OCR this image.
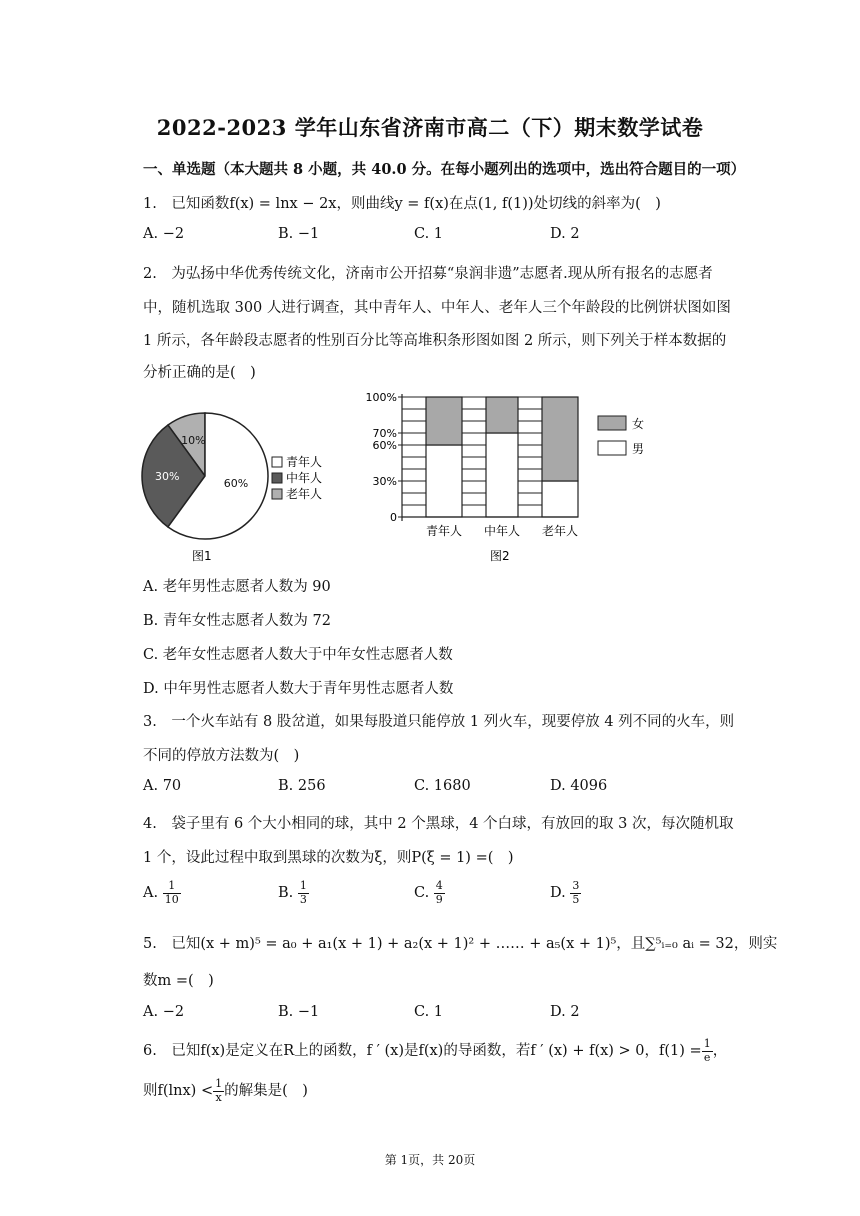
2022-2023 学年山东省济南市高二（下）期末数学试卷
一、单选题（本大题共 8 小题，共 40.0 分。在每小题列出的选项中，选出符合题目的一项）
1.　已知函数f(x) = lnx − 2x，则曲线y = f(x)在点(1, f(1))处切线的斜率为(　)
A. −2	B. −1	C. 1	D. 2
2.　为弘扬中华优秀传统文化，济南市公开招募“泉润非遗”志愿者.现从所有报名的志愿者
中，随机选取 300 人进行调查，其中青年人、中年人、老年人三个年龄段的比例饼状图如图
1 所示，各年龄段志愿者的性别百分比等高堆积条形图如图 2 所示，则下列关于样本数据的
分析正确的是(　)
60%
30%
10%
青年人
中年人
老年人
图1
青年人 中年人 老年人
0
30%
60%
70%
100%
女
男
图2
A. 老年男性志愿者人数为 90
B. 青年女性志愿者人数为 72
C. 老年女性志愿者人数大于中年女性志愿者人数
D. 中年男性志愿者人数大于青年男性志愿者人数
3.　一个火车站有 8 股岔道，如果每股道只能停放 1 列火车，现要停放 4 列不同的火车，则
不同的停放方法数为(　)
A. 70	B. 256	C. 1680	D. 4096
4.　袋子里有 6 个大小相同的球，其中 2 个黑球，4 个白球，有放回的取 3 次，每次随机取
1 个，设此过程中取到黑球的次数为ξ，则P(ξ = 1) =(　)
A. $\frac{1}{10}$	B. $\frac{1}{3}$	C. $\frac{4}{9}$	D. $\frac{3}{5}$
5.　已知(x + m)⁵ = a₀ + a₁(x + 1) + a₂(x + 1)² + …… + a₅(x + 1)⁵，且∑⁵ᵢ₌₀ aᵢ = 32，则实
数m =(　)
A. −2	B. −1	C. 1	D. 2
6.　已知f(x)是定义在R上的函数，f ′ (x)是f(x)的导函数，若f ′ (x) + f(x) > 0，$f(1) = \frac{1}{e}$ ，
则$f(\ln x) < \frac{1}{x}$ 的解集是(　)
第 1页，共 20页
